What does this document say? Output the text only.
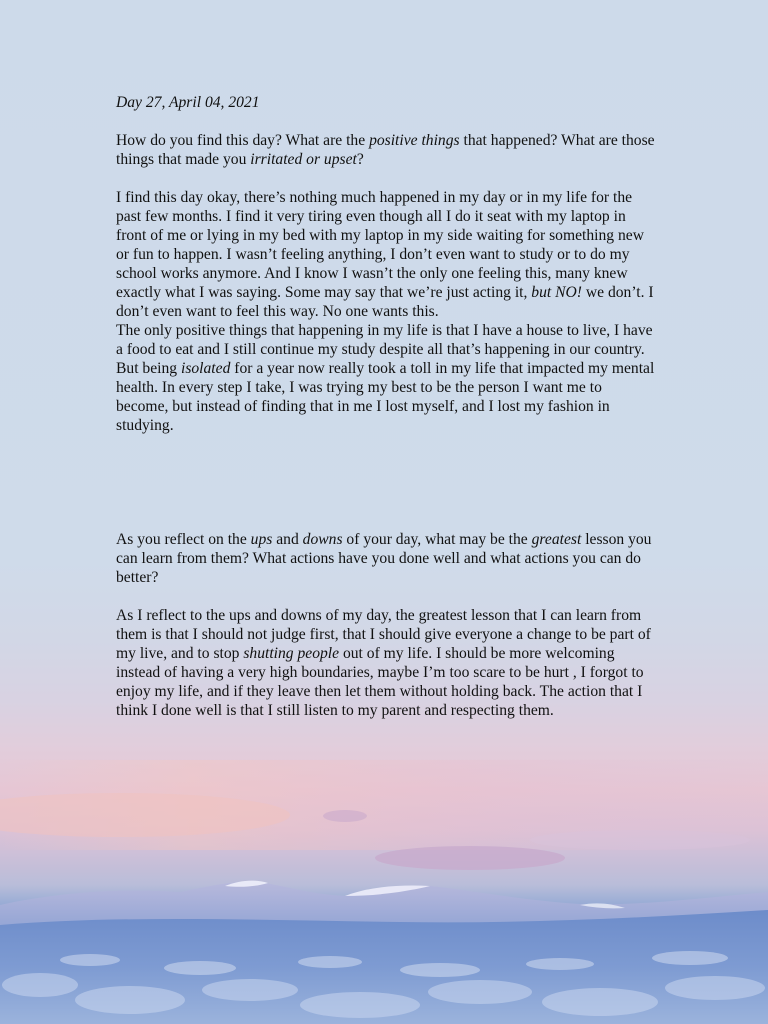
Day 27, April 04, 2021

How do you find this day? What are the positive things that happened? What are those things that made you irritated or upset?

I find this day okay, there’s nothing much happened in my day or in my life for the past few months. I find it very tiring even though all I do it seat with my laptop in front of me or lying in my bed with my laptop in my side waiting for something new or fun to happen. I wasn’t feeling anything, I don’t even want to study or to do my school works anymore. And I know I wasn’t the only one feeling this, many knew exactly what I was saying. Some may say that we’re just acting it, but NO! we don’t. I don’t even want to feel this way. No one wants this.

The only positive things that happening in my life is that I have a house to live, I have a food to eat and I still continue my study despite all that’s happening in our country. But being isolated for a year now really took a toll in my life that impacted my mental health. In every step I take, I was trying my best to be the person I want me to become, but instead of finding that in me I lost myself, and I lost my fashion in studying.

As you reflect on the ups and downs of your day, what may be the greatest lesson you can learn from them? What actions have you done well and what actions you can do better?

As I reflect to the ups and downs of my day, the greatest lesson that I can learn from them is that I should not judge first, that I should give everyone a change to be part of my live, and to stop shutting people out of my life. I should be more welcoming instead of having a very high boundaries, maybe I’m too scare to be hurt , I forgot to enjoy my life, and if they leave then let them without holding back. The action that I think I done well is that I still listen to my parent and respecting them.
